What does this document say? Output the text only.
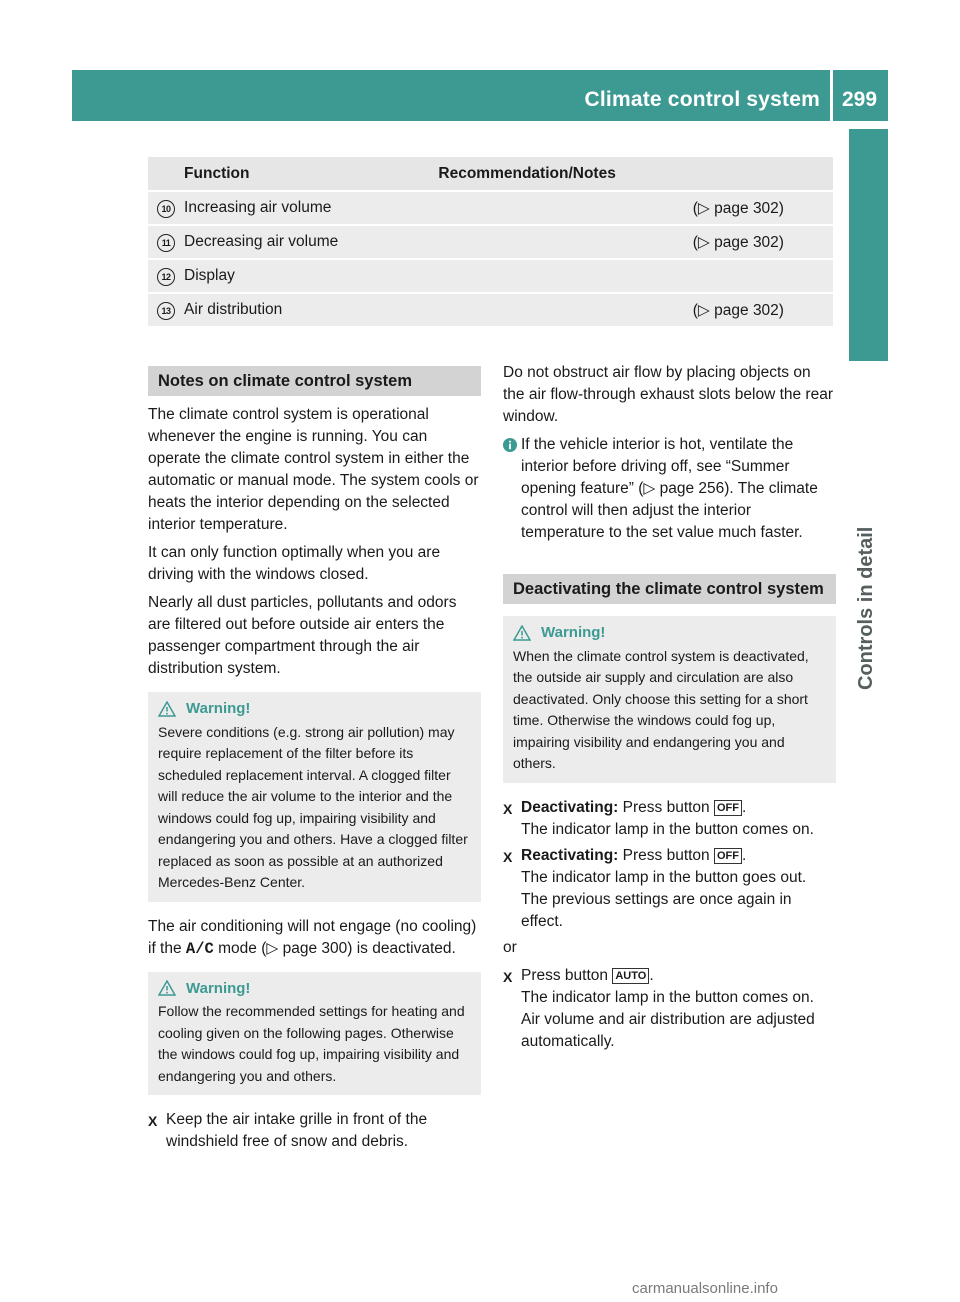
Climate control system 299
Controls in detail
	Function	Recommendation/Notes	
10	Increasing air volume		(▷ page 302)
11	Decreasing air volume		(▷ page 302)
12	Display		
13	Air distribution		(▷ page 302)
Notes on climate control system

The climate control system is operational whenever the engine is running. You can operate the climate control system in either the automatic or manual mode. The system cools or heats the interior depending on the selected interior temperature.

It can only function optimally when you are driving with the windows closed.

Nearly all dust particles, pollutants and odors are filtered out before outside air enters the passenger compartment through the air distribution system.

Warning!
Severe conditions (e.g. strong air pollution) may require replacement of the filter before its scheduled replacement interval. A clogged filter will reduce the air volume to the interior and the windows could fog up, impairing visibility and endangering you and others. Have a clogged filter replaced as soon as possible at an authorized Mercedes-Benz Center.

The air conditioning will not engage (no cooling) if the A/C mode (▷ page 300) is deactivated.

Warning!
Follow the recommended settings for heating and cooling given on the following pages. Otherwise the windows could fog up, impairing visibility and endangering you and others.
X Keep the air intake grille in front of the windshield free of snow and debris.

Do not obstruct air flow by placing objects on the air flow-through exhaust slots below the rear window.

If the vehicle interior is hot, ventilate the interior before driving off, see “Summer opening feature” (▷ page 256). The climate control will then adjust the interior temperature to the set value much faster.
Deactivating the climate control system
Warning!
When the climate control system is deactivated, the outside air supply and circulation are also deactivated. Only choose this setting for a short time. Otherwise the windows could fog up, impairing visibility and endangering you and others.
X Deactivating: Press button OFF .
The indicator lamp in the button comes on.
X Reactivating: Press button OFF .
The indicator lamp in the button goes out. The previous settings are once again in effect.

or

X Press button AUTO .
The indicator lamp in the button comes on. Air volume and air distribution are adjusted automatically.
carmanualsonline.info
